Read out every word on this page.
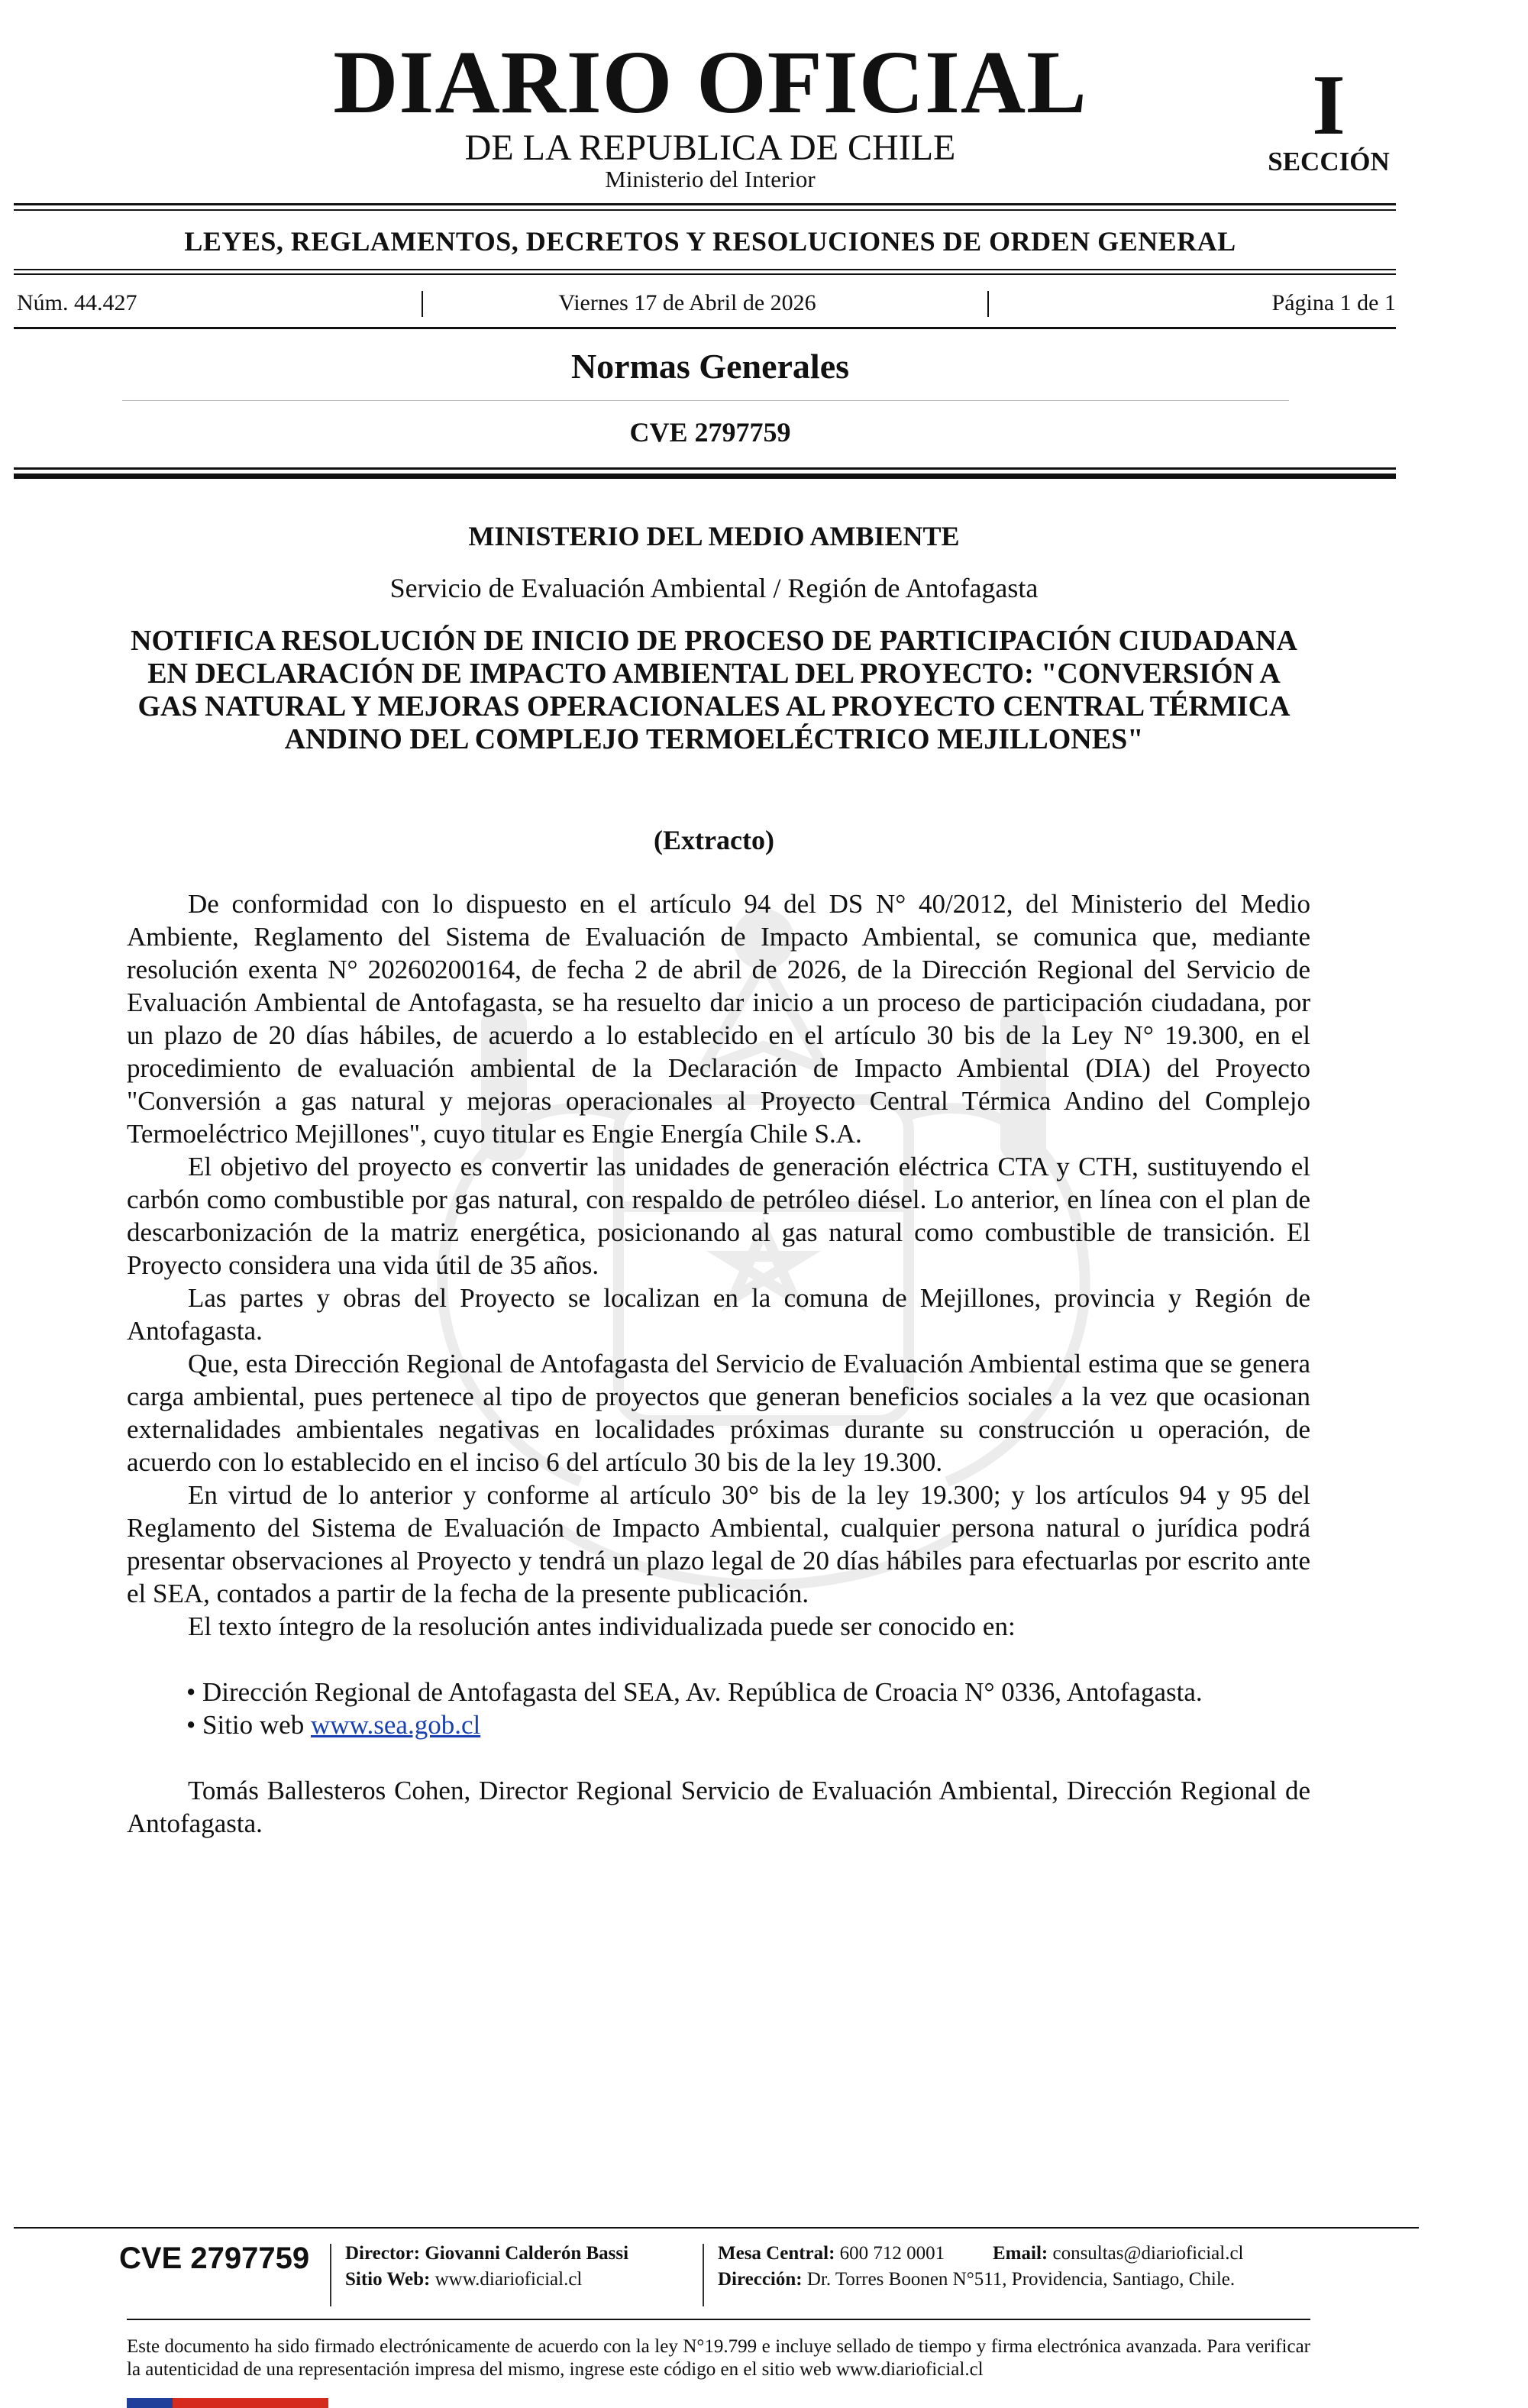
DIARIO OFICIAL
DE LA REPUBLICA DE CHILE
Ministerio del Interior
I
SECCIÓN
LEYES, REGLAMENTOS, DECRETOS Y RESOLUCIONES DE ORDEN GENERAL
Núm. 44.427	Viernes 17 de Abril de 2026	Página 1 de 1
Normas Generales
CVE 2797759
MINISTERIO DEL MEDIO AMBIENTE
Servicio de Evaluación Ambiental / Región de Antofagasta
NOTIFICA RESOLUCIÓN DE INICIO DE PROCESO DE PARTICIPACIÓN CIUDADANA EN DECLARACIÓN DE IMPACTO AMBIENTAL DEL PROYECTO: "CONVERSIÓN A GAS NATURAL Y MEJORAS OPERACIONALES AL PROYECTO CENTRAL TÉRMICA ANDINO DEL COMPLEJO TERMOELÉCTRICO MEJILLONES"
(Extracto)

De conformidad con lo dispuesto en el artículo 94 del DS N° 40/2012, del Ministerio del Medio Ambiente, Reglamento del Sistema de Evaluación de Impacto Ambiental, se comunica que, mediante resolución exenta N° 20260200164, de fecha 2 de abril de 2026, de la Dirección Regional del Servicio de Evaluación Ambiental de Antofagasta, se ha resuelto dar inicio a un proceso de participación ciudadana, por un plazo de 20 días hábiles, de acuerdo a lo establecido en el artículo 30 bis de la Ley N° 19.300, en el procedimiento de evaluación ambiental de la Declaración de Impacto Ambiental (DIA) del Proyecto "Conversión a gas natural y mejoras operacionales al Proyecto Central Térmica Andino del Complejo Termoeléctrico Mejillones", cuyo titular es Engie Energía Chile S.A.

El objetivo del proyecto es convertir las unidades de generación eléctrica CTA y CTH, sustituyendo el carbón como combustible por gas natural, con respaldo de petróleo diésel. Lo anterior, en línea con el plan de descarbonización de la matriz energética, posicionando al gas natural como combustible de transición. El Proyecto considera una vida útil de 35 años.

Las partes y obras del Proyecto se localizan en la comuna de Mejillones, provincia y Región de Antofagasta.

Que, esta Dirección Regional de Antofagasta del Servicio de Evaluación Ambiental estima que se genera carga ambiental, pues pertenece al tipo de proyectos que generan beneficios sociales a la vez que ocasionan externalidades ambientales negativas en localidades próximas durante su construcción u operación, de acuerdo con lo establecido en el inciso 6 del artículo 30 bis de la ley 19.300.

En virtud de lo anterior y conforme al artículo 30° bis de la ley 19.300; y los artículos 94 y 95 del Reglamento del Sistema de Evaluación de Impacto Ambiental, cualquier persona natural o jurídica podrá presentar observaciones al Proyecto y tendrá un plazo legal de 20 días hábiles para efectuarlas por escrito ante el SEA, contados a partir de la fecha de la presente publicación.

El texto íntegro de la resolución antes individualizada puede ser conocido en:

• Dirección Regional de Antofagasta del SEA, Av. República de Croacia N° 0336, Antofagasta.

• Sitio web www.sea.gob.cl

Tomás Ballesteros Cohen, Director Regional Servicio de Evaluación Ambiental, Dirección Regional de Antofagasta.

CVE 2797759 Director: Giovanni Calderón Bassi
Sitio Web: www.diarioficial.cl
Mesa Central: 600 712 0001	Email: consultas@diarioficial.cl
Dirección: Dr. Torres Boonen N°511, Providencia, Santiago, Chile.
Este documento ha sido firmado electrónicamente de acuerdo con la ley N°19.799 e incluye sellado de tiempo y firma electrónica avanzada. Para verificar la autenticidad de una representación impresa del mismo, ingrese este código en el sitio web www.diarioficial.cl
